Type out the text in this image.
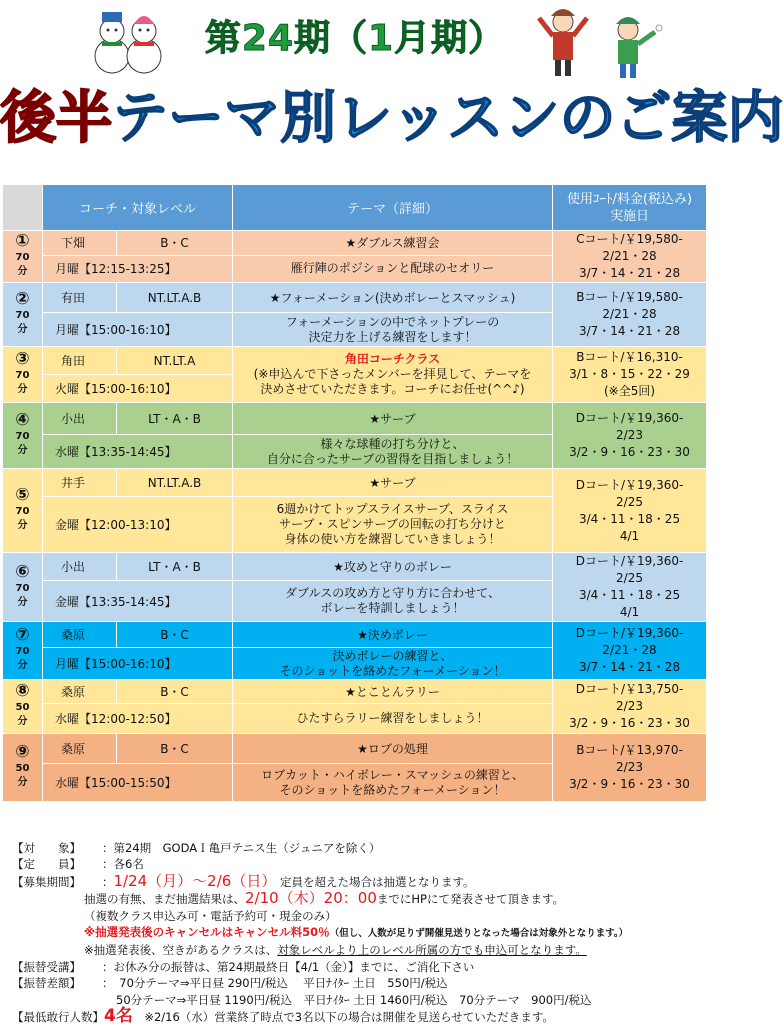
第24期（1月期）
後半テーマ別レッスンのご案内
	コーチ・対象レベル		テーマ（詳細）	使用ｺｰﾄ/料金(税込み)
実施日

①
70
分	下畑	B・C	★ダブルス練習会	Cコート/￥19,580-
2/21・28
3/7・14・21・28

	月曜【12:15-13:25】		雁行陣のポジションと配球のセオリー	

②
70
分	有田	NT.LT.A.B	★フォーメーション(決めボレーとスマッシュ)	Bコート/￥19,580-
2/21・28
3/7・14・21・28

	月曜【15:00-16:10】		フォーメーションの中でネットプレーの
決定力を上げる練習をします！	

③
70
分	角田	NT.LT.A	角田コーチクラス
(※申込んで下さったメンバーを拝見して、テーマを
決めさせていただきます。コーチにお任せ(^^♪)	Bコート/￥16,310-
3/1・8・15・22・29
(※全5回)

	火曜【15:00-16:10】			

④
70
分	小出	LT・A・B	★サーブ	Dコート/￥19,360-
2/23
3/2・9・16・23・30

	水曜【13:35-14:45】		様々な球種の打ち分けと、
自分に合ったサーブの習得を目指しましょう！	

⑤
70
分	井手	NT.LT.A.B	★サーブ	Dコート/￥19,360-
2/25
3/4・11・18・25
4/1

	金曜【12:00-13:10】		6週かけてトップスライスサーブ、スライス
サーブ・スピンサーブの回転の打ち分けと
身体の使い方を練習していきましょう！	

⑥
70
分	小出	LT・A・B	★攻めと守りのボレー	Dコート/￥19,360-
2/25
3/4・11・18・25
4/1

	金曜【13:35-14:45】		ダブルスの攻め方と守り方に合わせて、
ボレーを特訓しましょう！	

⑦
70
分	桑原	B・C	★決めボレー	Dコート/￥19,360-
2/21・28
3/7・14・21・28

	月曜【15:00-16:10】		決めボレーの練習と、
そのショットを絡めたフォーメーション！	

⑧
50
分	桑原	B・C	★とことんラリー	Dコート/￥13,750-
2/23
3/2・9・16・23・30

	水曜【12:00-12:50】		ひたすらラリー練習をしましょう！	

⑨
50
分	桑原	B・C	★ロブの処理	Bコート/￥13,970-
2/23
3/2・9・16・23・30

	水曜【15:00-15:50】		ロブカット・ハイボレー・スマッシュの練習と、
そのショットを絡めたフォーメーション！	
【対　　象】 ：第24期　GODAＩ亀戸テニス生（ジュニアを除く）
【定　　員】 ：各6名
【募集期間】 ：1/24（月）～2/6（日） 定員を超えた場合は抽選となります。
抽選の有無、まだ抽選結果は、2/10（木）20：00までにHPにて発表させて頂きます。
（複数クラス申込み可・電話予約可・現金のみ）
※抽選発表後のキャンセルはキャンセル料50％（但し、人数が足りず開催見送りとなった場合は対象外となります。）
※抽選発表後、空きがあるクラスは、対象レベルより上のレベル所属の方でも申込可となります。
【振替受講】 ：お休み分の振替は、第24期最終日【4/1（金）】までに、ご消化下さい
【振替差額】 ：　70分テーマ⇒平日昼 290円/税込　 平日ﾅｲﾀｰ 土日　550円/税込
50分テーマ⇒平日昼 1190円/税込　平日ﾅｲﾀｰ 土日 1460円/税込　70分テーマ　900円/税込
【最低敢行人数】4名　 ※2/16（水）営業終了時点で3名以下の場合は開催を見送らせていただきます。
